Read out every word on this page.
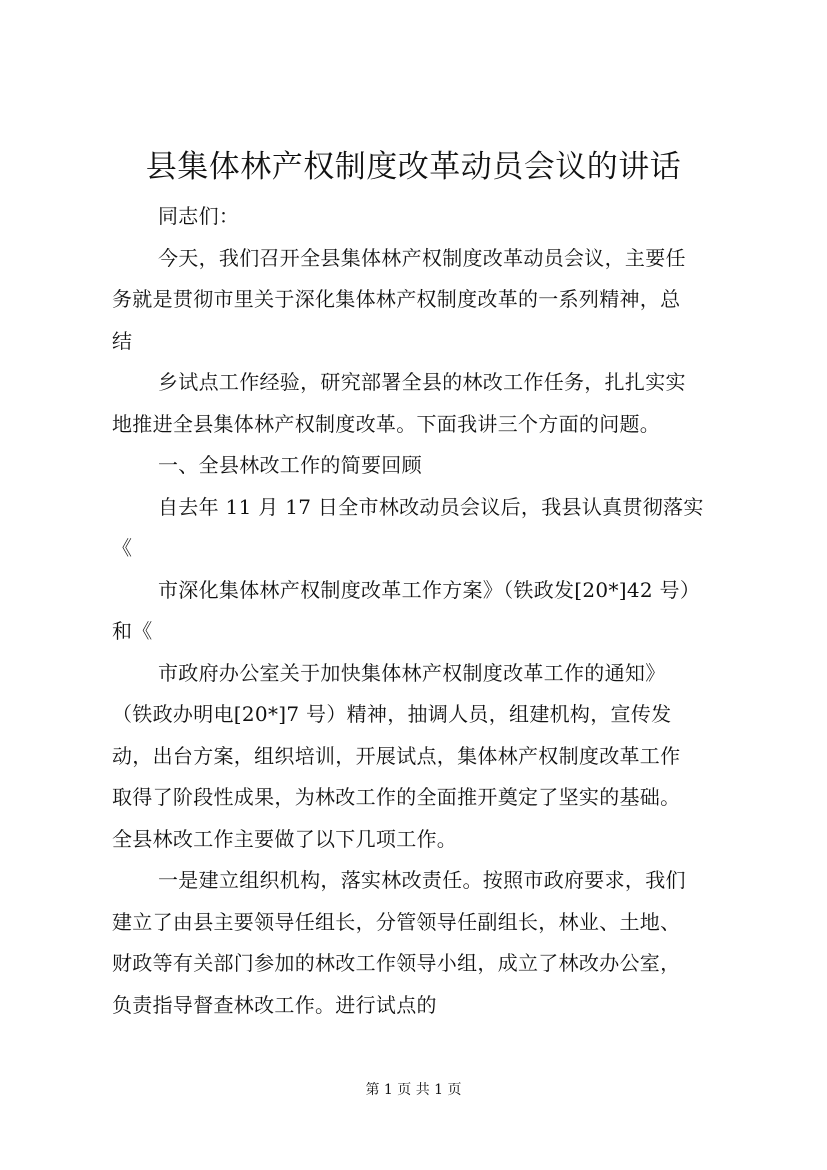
县集体林产权制度改革动员会议的讲话
同志们：
今天，我们召开全县集体林产权制度改革动员会议，主要任
务就是贯彻市里关于深化集体林产权制度改革的一系列精神，总
结
乡试点工作经验，研究部署全县的林改工作任务，扎扎实实
地推进全县集体林产权制度改革。下面我讲三个方面的问题。
一、全县林改工作的简要回顾
自去年 11 月 17 日全市林改动员会议后，我县认真贯彻落实
《
市深化集体林产权制度改革工作方案》（铁政发[20*]42 号）
和《
市政府办公室关于加快集体林产权制度改革工作的通知》
（铁政办明电[20*]7 号）精神，抽调人员，组建机构，宣传发
动，出台方案，组织培训，开展试点，集体林产权制度改革工作
取得了阶段性成果，为林改工作的全面推开奠定了坚实的基础。
全县林改工作主要做了以下几项工作。
一是建立组织机构，落实林改责任。按照市政府要求，我们
建立了由县主要领导任组长，分管领导任副组长，林业、土地、
财政等有关部门参加的林改工作领导小组，成立了林改办公室，
负责指导督查林改工作。进行试点的
第 1 页 共 1 页
